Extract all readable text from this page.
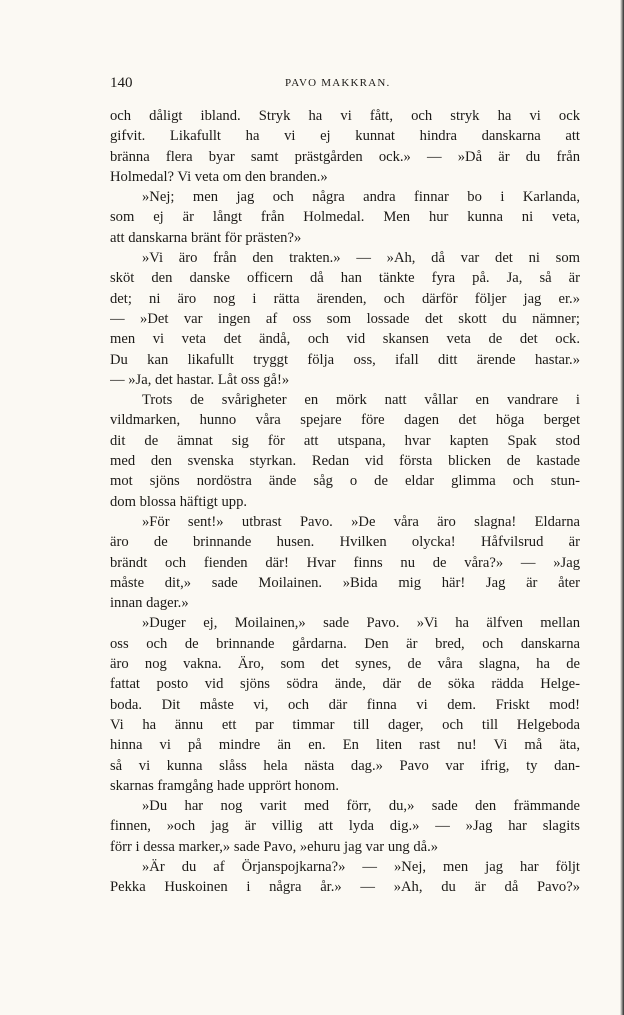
140	PAVO MAKKRAN.
och dåligt ibland. Stryk ha vi fått, och stryk ha vi ock
gifvit. Likafullt ha vi ej kunnat hindra danskarna att
bränna flera byar samt prästgården ock.» — »Då är du från
Holmedal? Vi veta om den branden.»
»Nej; men jag och några andra finnar bo i Karlanda,
som ej är långt från Holmedal. Men hur kunna ni veta,
att danskarna bränt för prästen?»
»Vi äro från den trakten.» — »Ah, då var det ni som
sköt den danske officern då han tänkte fyra på. Ja, så är
det; ni äro nog i rätta ärenden, och därför följer jag er.»
— »Det var ingen af oss som lossade det skott du nämner;
men vi veta det ändå, och vid skansen veta de det ock.
Du kan likafullt tryggt följa oss, ifall ditt ärende hastar.»
— »Ja, det hastar. Låt oss gå!»
Trots de svårigheter en mörk natt vållar en vandrare i
vildmarken, hunno våra spejare före dagen det höga berget
dit de ämnat sig för att utspana, hvar kapten Spak stod
med den svenska styrkan. Redan vid första blicken de kastade
mot sjöns nordöstra ände såg o de eldar glimma och stun-
dom blossa häftigt upp.
»För sent!» utbrast Pavo. »De våra äro slagna! Eldarna
äro de brinnande husen. Hvilken olycka! Håfvilsrud är
brändt och fienden där! Hvar finns nu de våra?» — »Jag
måste dit,» sade Moilainen. »Bida mig här! Jag är åter
innan dager.»
»Duger ej, Moilainen,» sade Pavo. »Vi ha älfven mellan
oss och de brinnande gårdarna. Den är bred, och danskarna
äro nog vakna. Äro, som det synes, de våra slagna, ha de
fattat posto vid sjöns södra ände, där de söka rädda Helge-
boda. Dit måste vi, och där finna vi dem. Friskt mod!
Vi ha ännu ett par timmar till dager, och till Helgeboda
hinna vi på mindre än en. En liten rast nu! Vi må äta,
så vi kunna slåss hela nästa dag.» Pavo var ifrig, ty dan-
skarnas framgång hade upprört honom.
»Du har nog varit med förr, du,» sade den främmande
finnen, »och jag är villig att lyda dig.» — »Jag har slagits
förr i dessa marker,» sade Pavo, »ehuru jag var ung då.»
»Är du af Örjanspojkarna?» — »Nej, men jag har följt
Pekka Huskoinen i några år.» — »Ah, du är då Pavo?»
